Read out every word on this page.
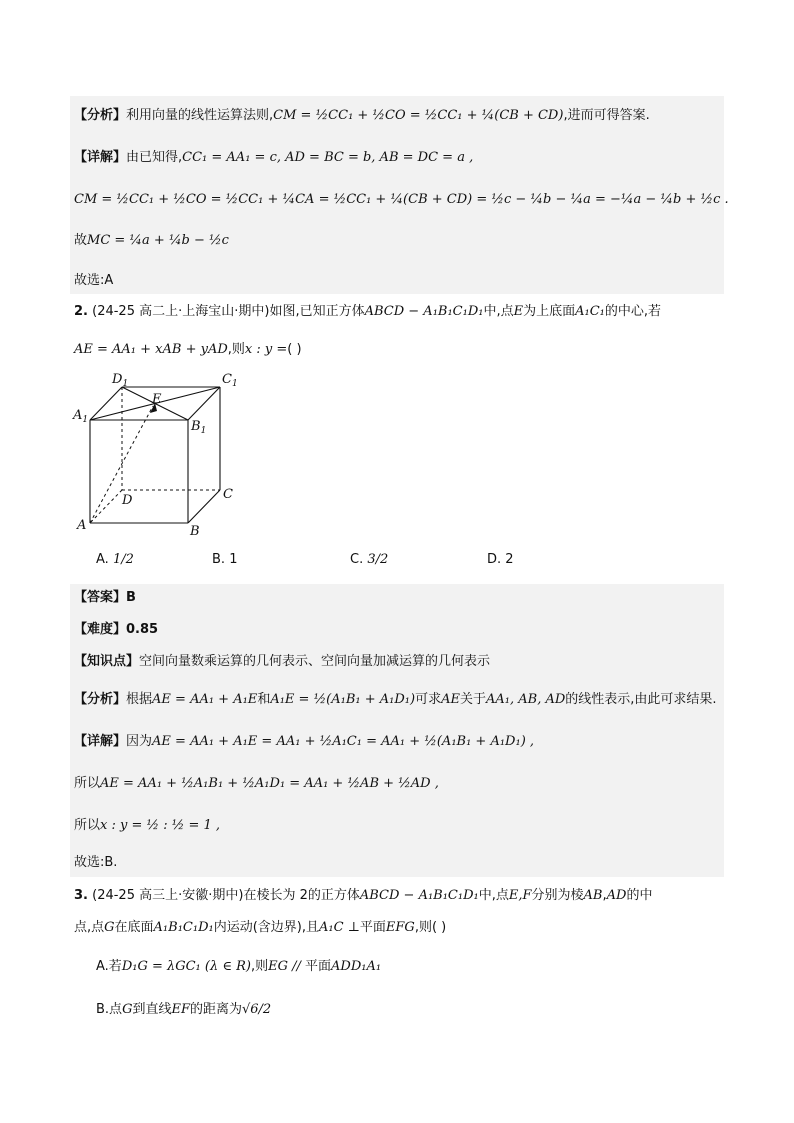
【分析】利用向量的线性运算法则,CM = ½CC₁ + ½CO = ½CC₁ + ¼(CB + CD),进而可得答案.
【详解】由已知得,CC₁ = AA₁ = c, AD = BC = b, AB = DC = a ,
CM = ½CC₁ + ½CO = ½CC₁ + ¼CA = ½CC₁ + ¼(CB + CD) = ½c − ¼b − ¼a = −¼a − ¼b + ½c .
故MC = ¼a + ¼b − ½c
故选:A
2. (24-25 高二上·上海宝山·期中)如图,已知正方体ABCD − A₁B₁C₁D₁中,点E为上底面A₁C₁的中心,若
AE = AA₁ + xAB + yAD,则x : y =( )
$D_1$	$C_1$
E
$A_1$	$B_1$
D	C
A	B
A. 1/2	B. 1	C. 3/2	D. 2
【答案】B
【难度】0.85
【知识点】空间向量数乘运算的几何表示、空间向量加减运算的几何表示
【分析】根据AE = AA₁ + A₁E和A₁E = ½(A₁B₁ + A₁D₁)可求AE关于AA₁, AB, AD的线性表示,由此可求结果.
【详解】因为AE = AA₁ + A₁E = AA₁ + ½A₁C₁ = AA₁ + ½(A₁B₁ + A₁D₁) ,
所以AE = AA₁ + ½A₁B₁ + ½A₁D₁ = AA₁ + ½AB + ½AD ,
所以x : y = ½ : ½ = 1 ,
故选:B.
3. (24-25 高三上·安徽·期中)在棱长为 2的正方体ABCD − A₁B₁C₁D₁中,点E,F分别为棱AB,AD的中
点,点G在底面A₁B₁C₁D₁内运动(含边界),且A₁C ⊥平面EFG,则( )
A.若D₁G = λGC₁ (λ ∈ R),则EG // 平面ADD₁A₁
B.点G到直线EF的距离为√6/2
